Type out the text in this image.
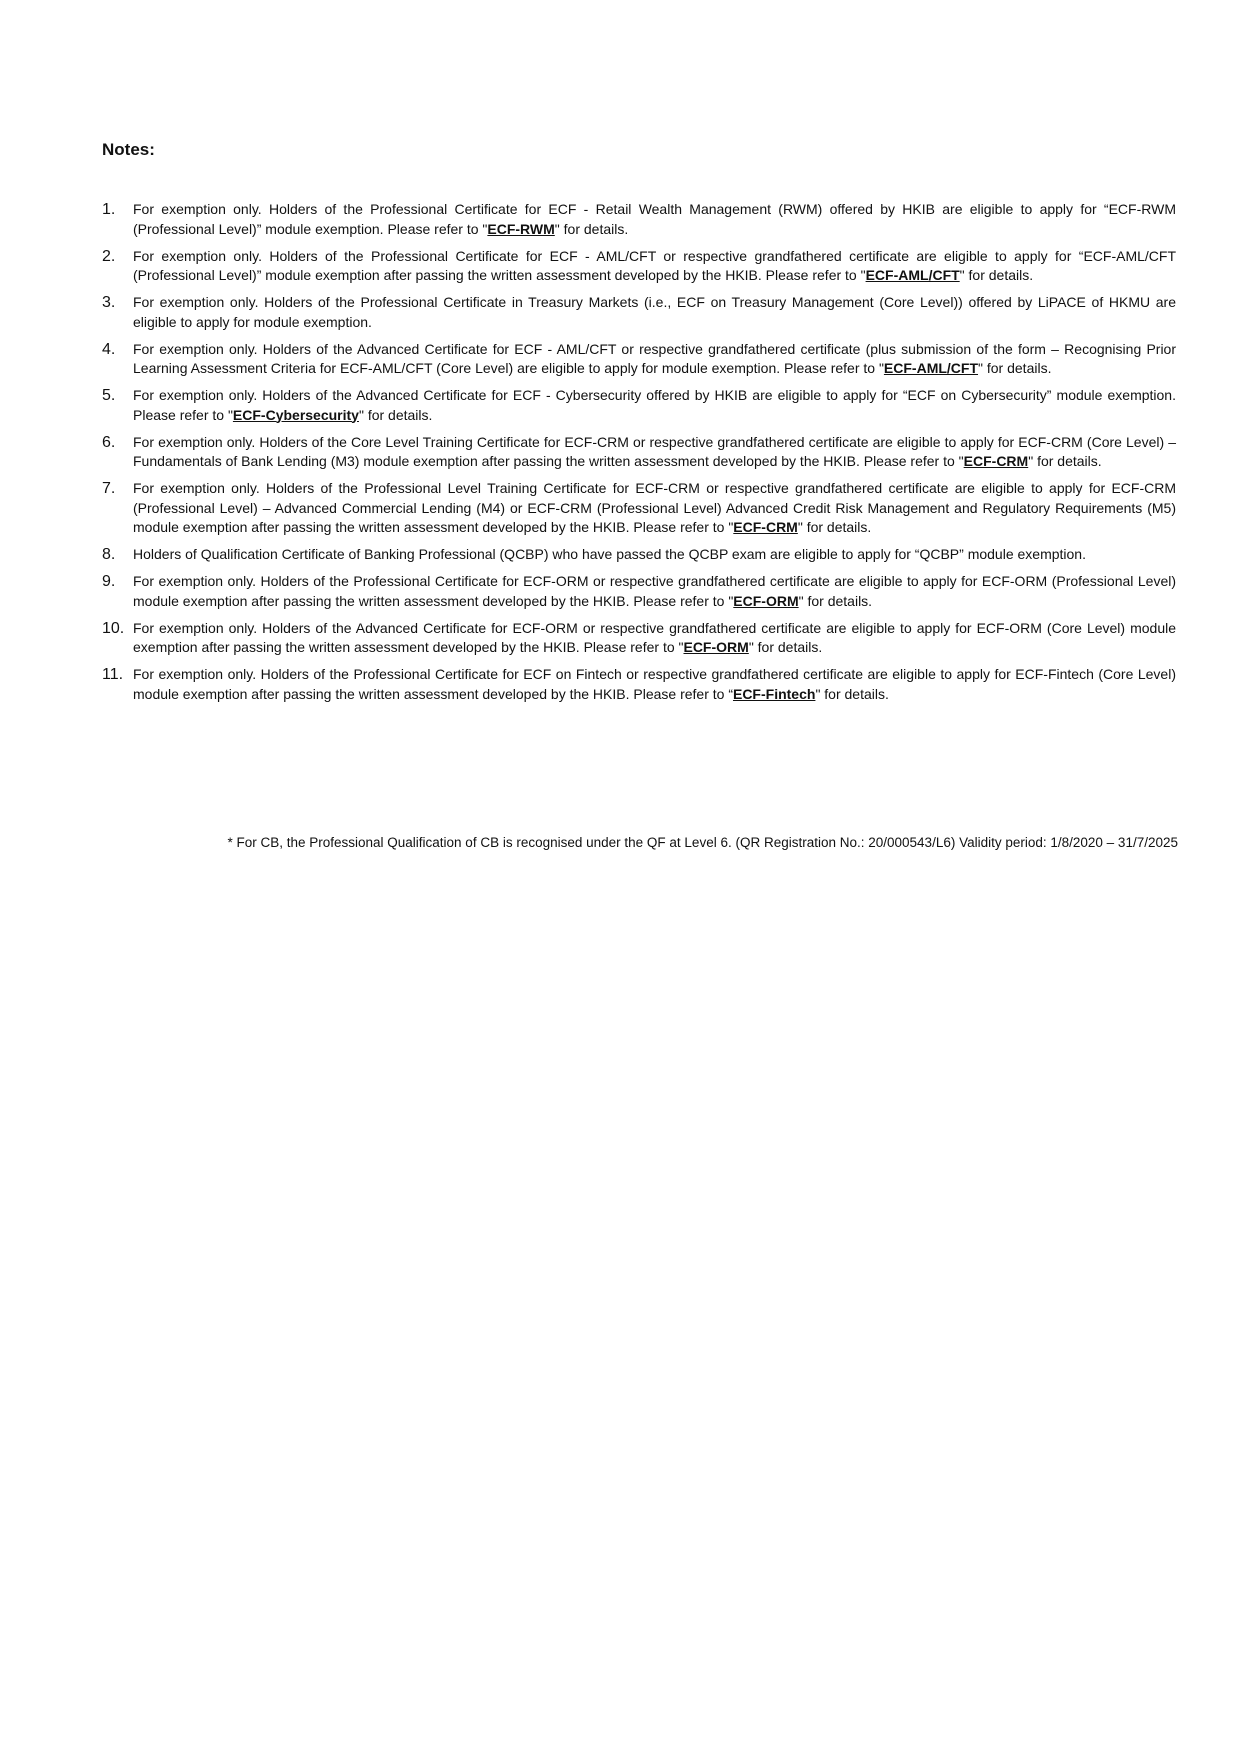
Notes:
1.	For exemption only. Holders of the Professional Certificate for ECF - Retail Wealth Management (RWM) offered by HKIB are eligible to apply for “ECF-RWM (Professional Level)” module exemption. Please refer to "ECF-RWM" for details.
2.	For exemption only. Holders of the Professional Certificate for ECF - AML/CFT or respective grandfathered certificate are eligible to apply for “ECF-AML/CFT (Professional Level)” module exemption after passing the written assessment developed by the HKIB. Please refer to "ECF-AML/CFT" for details.
3.	For exemption only. Holders of the Professional Certificate in Treasury Markets (i.e., ECF on Treasury Management (Core Level)) offered by LiPACE of HKMU are eligible to apply for module exemption.
4.	For exemption only. Holders of the Advanced Certificate for ECF - AML/CFT or respective grandfathered certificate (plus submission of the form – Recognising Prior Learning Assessment Criteria for ECF-AML/CFT (Core Level) are eligible to apply for module exemption. Please refer to "ECF-AML/CFT" for details.
5.	For exemption only. Holders of the Advanced Certificate for ECF - Cybersecurity offered by HKIB are eligible to apply for “ECF on Cybersecurity” module exemption. Please refer to "ECF-Cybersecurity" for details.
6.	For exemption only. Holders of the Core Level Training Certificate for ECF-CRM or respective grandfathered certificate are eligible to apply for ECF-CRM (Core Level) – Fundamentals of Bank Lending (M3) module exemption after passing the written assessment developed by the HKIB. Please refer to "ECF-CRM" for details.
7.	For exemption only. Holders of the Professional Level Training Certificate for ECF-CRM or respective grandfathered certificate are eligible to apply for ECF-CRM (Professional Level) – Advanced Commercial Lending (M4) or ECF-CRM (Professional Level) Advanced Credit Risk Management and Regulatory Requirements (M5) module exemption after passing the written assessment developed by the HKIB. Please refer to "ECF-CRM" for details.
8.	Holders of Qualification Certificate of Banking Professional (QCBP) who have passed the QCBP exam are eligible to apply for “QCBP” module exemption.
9.	For exemption only. Holders of the Professional Certificate for ECF-ORM or respective grandfathered certificate are eligible to apply for ECF-ORM (Professional Level) module exemption after passing the written assessment developed by the HKIB. Please refer to "ECF-ORM" for details.
10. For exemption only. Holders of the Advanced Certificate for ECF-ORM or respective grandfathered certificate are eligible to apply for ECF-ORM (Core Level) module exemption after passing the written assessment developed by the HKIB. Please refer to "ECF-ORM" for details.
11. For exemption only. Holders of the Professional Certificate for ECF on Fintech or respective grandfathered certificate are eligible to apply for ECF-Fintech (Core Level) module exemption after passing the written assessment developed by the HKIB. Please refer to “ECF-Fintech" for details.

* For CB, the Professional Qualification of CB is recognised under the QF at Level 6. (QR Registration No.: 20/000543/L6) Validity period: 1/8/2020 – 31/7/2025
